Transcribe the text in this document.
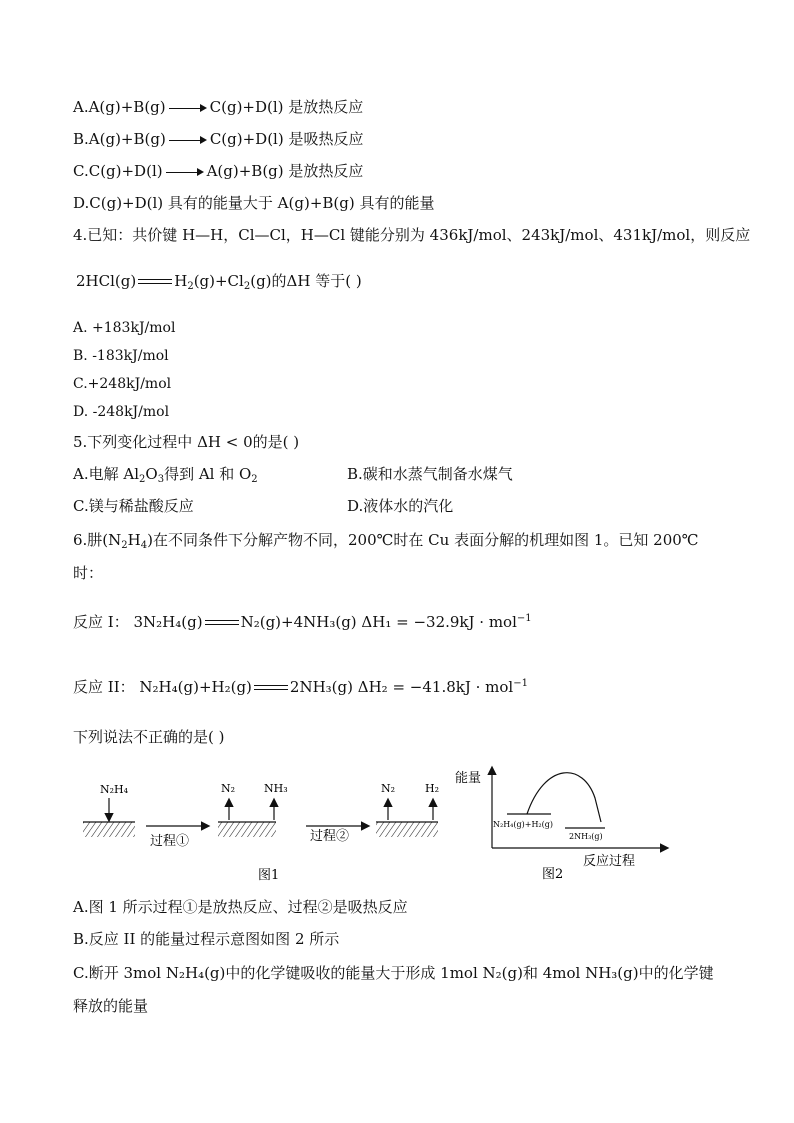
A.A(g)+B(g)	C(g)+D(l) 是放热反应
B.A(g)+B(g)	C(g)+D(l) 是吸热反应
C.C(g)+D(l)	A(g)+B(g) 是放热反应
D.C(g)+D(l) 具有的能量大于 A(g)+B(g) 具有的能量
4.已知：共价键 H—H，Cl—Cl，H—Cl 键能分别为 436kJ/mol、243kJ/mol、431kJ/mol，则反应
2HCl(g)	$H_2(g)+Cl_2(g)$的ΔH 等于( )
A. +183kJ/mol
B. -183kJ/mol
C.+248kJ/mol
D. -248kJ/mol
5.下列变化过程中 ΔH < 0的是( )
A.电解 $Al_2O_3$得到 Al 和 $O_2$	B.碳和水蒸气制备水煤气
C.镁与稀盐酸反应	D.液体水的汽化
6.肼$(N_2H_4)$在不同条件下分解产物不同，200℃时在 Cu 表面分解的机理如图 1。已知 200℃
时：
反应 I： 3N₂H₄(g)	N₂(g)+4NH₃(g) ΔH₁ = −32.9kJ · mol$^{-1}$
反应 II： N₂H₄(g)+H₂(g)	2NH₃(g) ΔH₂ = −41.8kJ · mol$^{-1}$
下列说法不正确的是( )
N₂H₄
过程①
N₂	NH₃
过程②
N₂	H₂
图1
能量
反应过程
N₂H₄(g)+H₂(g)
2NH₃(g)
图2
A.图 1 所示过程①是放热反应、过程②是吸热反应
B.反应 II 的能量过程示意图如图 2 所示
C.断开 3mol N₂H₄(g)中的化学键吸收的能量大于形成 1mol N₂(g)和 4mol NH₃(g)中的化学键
释放的能量
